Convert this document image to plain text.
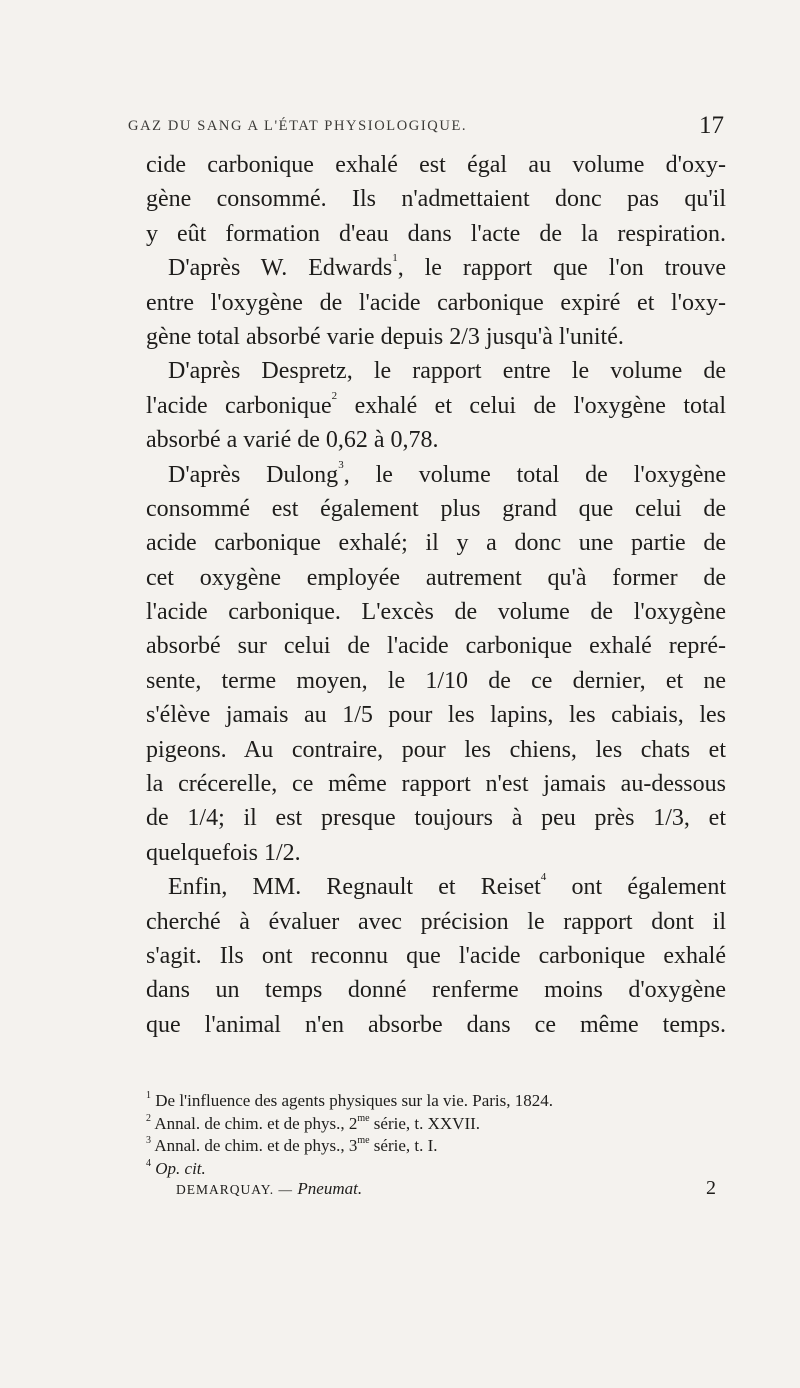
GAZ DU SANG A L'ÉTAT PHYSIOLOGIQUE.	17
cide carbonique exhalé est égal au volume d'oxy-
gène consommé. Ils n'admettaient donc pas qu'il
y eût formation d'eau dans l'acte de la respiration.
D'après W. Edwards$^1$, le rapport que l'on trouve
entre l'oxygène de l'acide carbonique expiré et l'oxy-
gène total absorbé varie depuis 2/3 jusqu'à l'unité.
D'après Despretz, le rapport entre le volume de
l'acide carbonique$^2$ exhalé et celui de l'oxygène total
absorbé a varié de 0,62 à 0,78.
D'après Dulong$^3$, le volume total de l'oxygène
consommé est également plus grand que celui de
acide carbonique exhalé; il y a donc une partie de
cet oxygène employée autrement qu'à former de
l'acide carbonique. L'excès de volume de l'oxygène
absorbé sur celui de l'acide carbonique exhalé repré-
sente, terme moyen, le 1/10 de ce dernier, et ne
s'élève jamais au 1/5 pour les lapins, les cabiais, les
pigeons. Au contraire, pour les chiens, les chats et
la crécerelle, ce même rapport n'est jamais au-dessous
de 1/4; il est presque toujours à peu près 1/3, et
quelquefois 1/2.
Enfin, MM. Regnault et Reiset$^4$ ont également
cherché à évaluer avec précision le rapport dont il
s'agit. Ils ont reconnu que l'acide carbonique exhalé
dans un temps donné renferme moins d'oxygène
que l'animal n'en absorbe dans ce même temps.
$^1$ De l'influence des agents physiques sur la vie. Paris, 1824.
$^2$ Annal. de chim. et de phys., $2^{me}$ série, t. XXVII.
$^3$ Annal. de chim. et de phys., $3^{me}$ série, t. I.
$^4$ Op. cit.
DEMARQUAY. — Pneumat.	2
